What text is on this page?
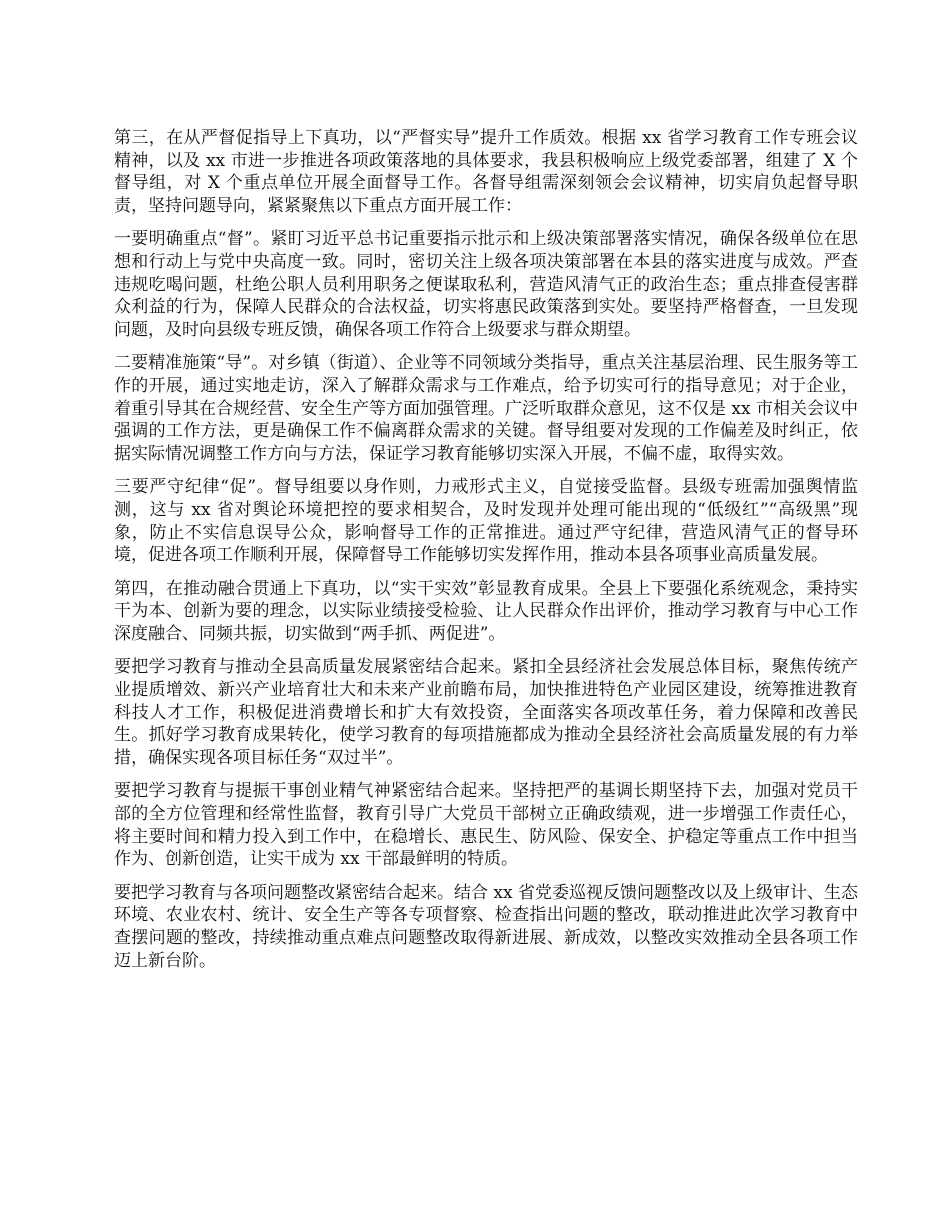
第三，在从严督促指导上下真功，以“严督实导”提升工作质效。根据 xx 省学习教育工作专班会议精神，以及 xx 市进一步推进各项政策落地的具体要求，我县积极响应上级党委部署，组建了 X 个督导组，对 X 个重点单位开展全面督导工作。各督导组需深刻领会会议精神，切实肩负起督导职责，坚持问题导向，紧紧聚焦以下重点方面开展工作：

一要明确重点“督”。紧盯习近平总书记重要指示批示和上级决策部署落实情况，确保各级单位在思想和行动上与党中央高度一致。同时，密切关注上级各项决策部署在本县的落实进度与成效。严查违规吃喝问题，杜绝公职人员利用职务之便谋取私利，营造风清气正的政治生态；重点排查侵害群众利益的行为，保障人民群众的合法权益，切实将惠民政策落到实处。要坚持严格督查，一旦发现问题，及时向县级专班反馈，确保各项工作符合上级要求与群众期望。

二要精准施策“导”。对乡镇（街道）、企业等不同领域分类指导，重点关注基层治理、民生服务等工作的开展，通过实地走访，深入了解群众需求与工作难点，给予切实可行的指导意见；对于企业，着重引导其在合规经营、安全生产等方面加强管理。广泛听取群众意见，这不仅是 xx 市相关会议中强调的工作方法，更是确保工作不偏离群众需求的关键。督导组要对发现的工作偏差及时纠正，依据实际情况调整工作方向与方法，保证学习教育能够切实深入开展，不偏不虚，取得实效。

三要严守纪律“促”。督导组要以身作则，力戒形式主义，自觉接受监督。县级专班需加强舆情监测，这与 xx 省对舆论环境把控的要求相契合，及时发现并处理可能出现的“低级红”“高级黑”现象，防止不实信息误导公众，影响督导工作的正常推进。通过严守纪律，营造风清气正的督导环境，促进各项工作顺利开展，保障督导工作能够切实发挥作用，推动本县各项事业高质量发展。

第四，在推动融合贯通上下真功，以“实干实效”彰显教育成果。全县上下要强化系统观念，秉持实干为本、创新为要的理念，以实际业绩接受检验、让人民群众作出评价，推动学习教育与中心工作深度融合、同频共振，切实做到“两手抓、两促进”。

要把学习教育与推动全县高质量发展紧密结合起来。紧扣全县经济社会发展总体目标，聚焦传统产业提质增效、新兴产业培育壮大和未来产业前瞻布局，加快推进特色产业园区建设，统筹推进教育科技人才工作，积极促进消费增长和扩大有效投资，全面落实各项改革任务，着力保障和改善民生。抓好学习教育成果转化，使学习教育的每项措施都成为推动全县经济社会高质量发展的有力举措，确保实现各项目标任务“双过半”。

要把学习教育与提振干事创业精气神紧密结合起来。坚持把严的基调长期坚持下去，加强对党员干部的全方位管理和经常性监督，教育引导广大党员干部树立正确政绩观，进一步增强工作责任心，将主要时间和精力投入到工作中，在稳增长、惠民生、防风险、保安全、护稳定等重点工作中担当作为、创新创造，让实干成为 xx 干部最鲜明的特质。

要把学习教育与各项问题整改紧密结合起来。结合 xx 省党委巡视反馈问题整改以及上级审计、生态环境、农业农村、统计、安全生产等各专项督察、检查指出问题的整改，联动推进此次学习教育中查摆问题的整改，持续推动重点难点问题整改取得新进展、新成效，以整改实效推动全县各项工作迈上新台阶。
